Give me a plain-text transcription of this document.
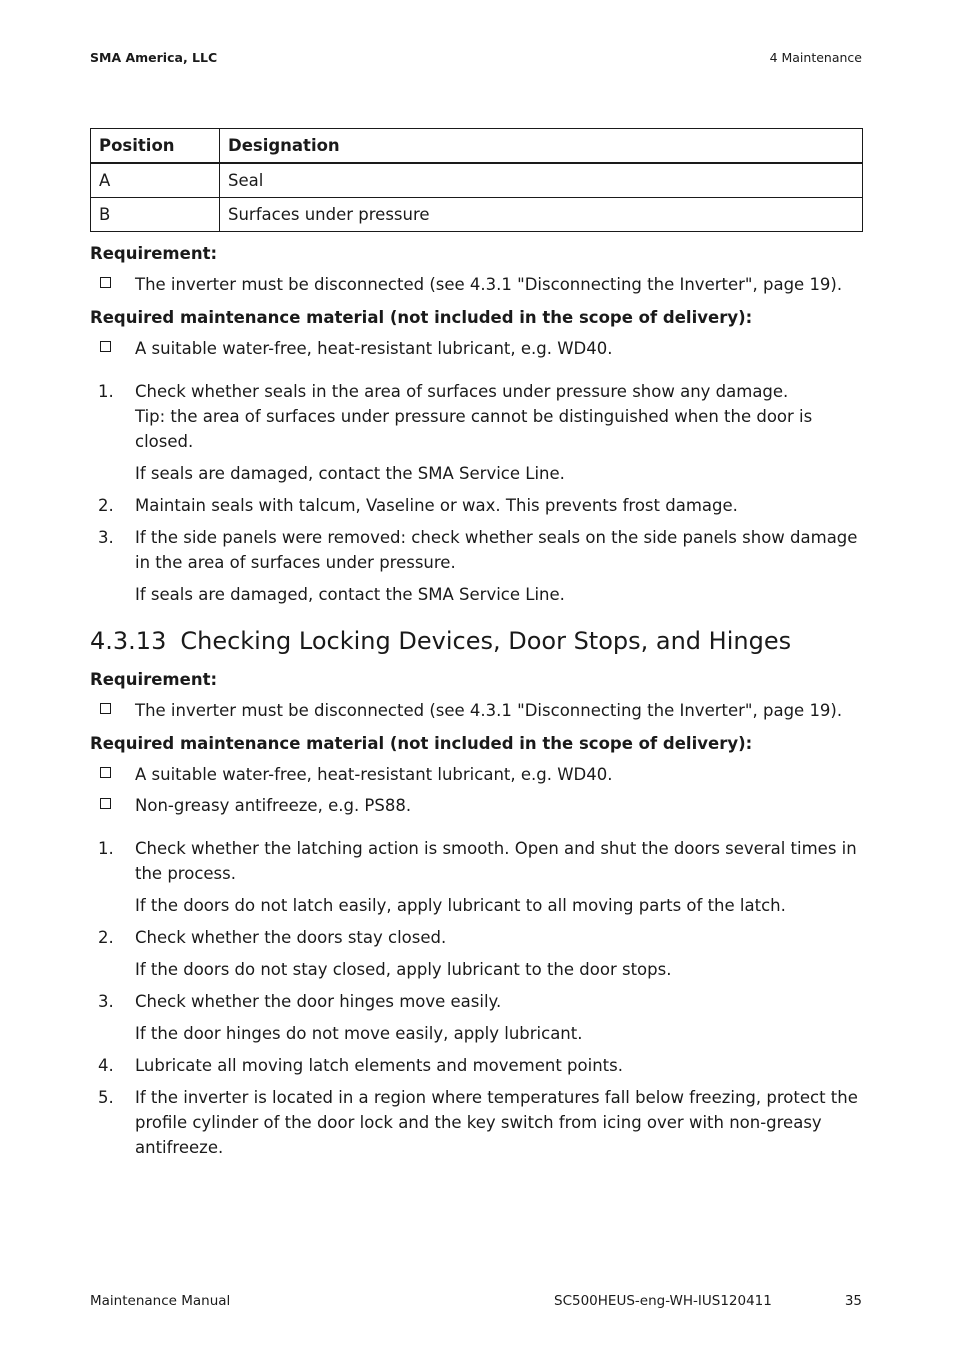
SMA America, LLC	4 Maintenance
Position	Designation
A	Seal
B	Surfaces under pressure

Requirement:

The inverter must be disconnected (see 4.3.1 "Disconnecting the Inverter", page 19).

Required maintenance material (not included in the scope of delivery):

A suitable water-free, heat-resistant lubricant, e.g. WD40.
1. Check whether seals in the area of surfaces under pressure show any damage.

Tip: the area of surfaces under pressure cannot be distinguished when the door is closed.

If seals are damaged, contact the SMA Service Line.

2. Maintain seals with talcum, Vaseline or wax. This prevents frost damage.

3. If the side panels were removed: check whether seals on the side panels show damage in the area of surfaces under pressure.

If seals are damaged, contact the SMA Service Line.

4.3.13 Checking Locking Devices, Door Stops, and Hinges

Requirement:

The inverter must be disconnected (see 4.3.1 "Disconnecting the Inverter", page 19).

Required maintenance material (not included in the scope of delivery):

A suitable water-free, heat-resistant lubricant, e.g. WD40.
Non-greasy antifreeze, e.g. PS88.
1. Check whether the latching action is smooth. Open and shut the doors several times in the process.

If the doors do not latch easily, apply lubricant to all moving parts of the latch.

2. Check whether the doors stay closed.

If the doors do not stay closed, apply lubricant to the door stops.

3. Check whether the door hinges move easily.

If the door hinges do not move easily, apply lubricant.

4. Lubricate all moving latch elements and movement points.

5. If the inverter is located in a region where temperatures fall below freezing, protect the profile cylinder of the door lock and the key switch from icing over with non-greasy antifreeze.

Maintenance Manual	SC500HEUS-eng-WH-IUS120411	35
